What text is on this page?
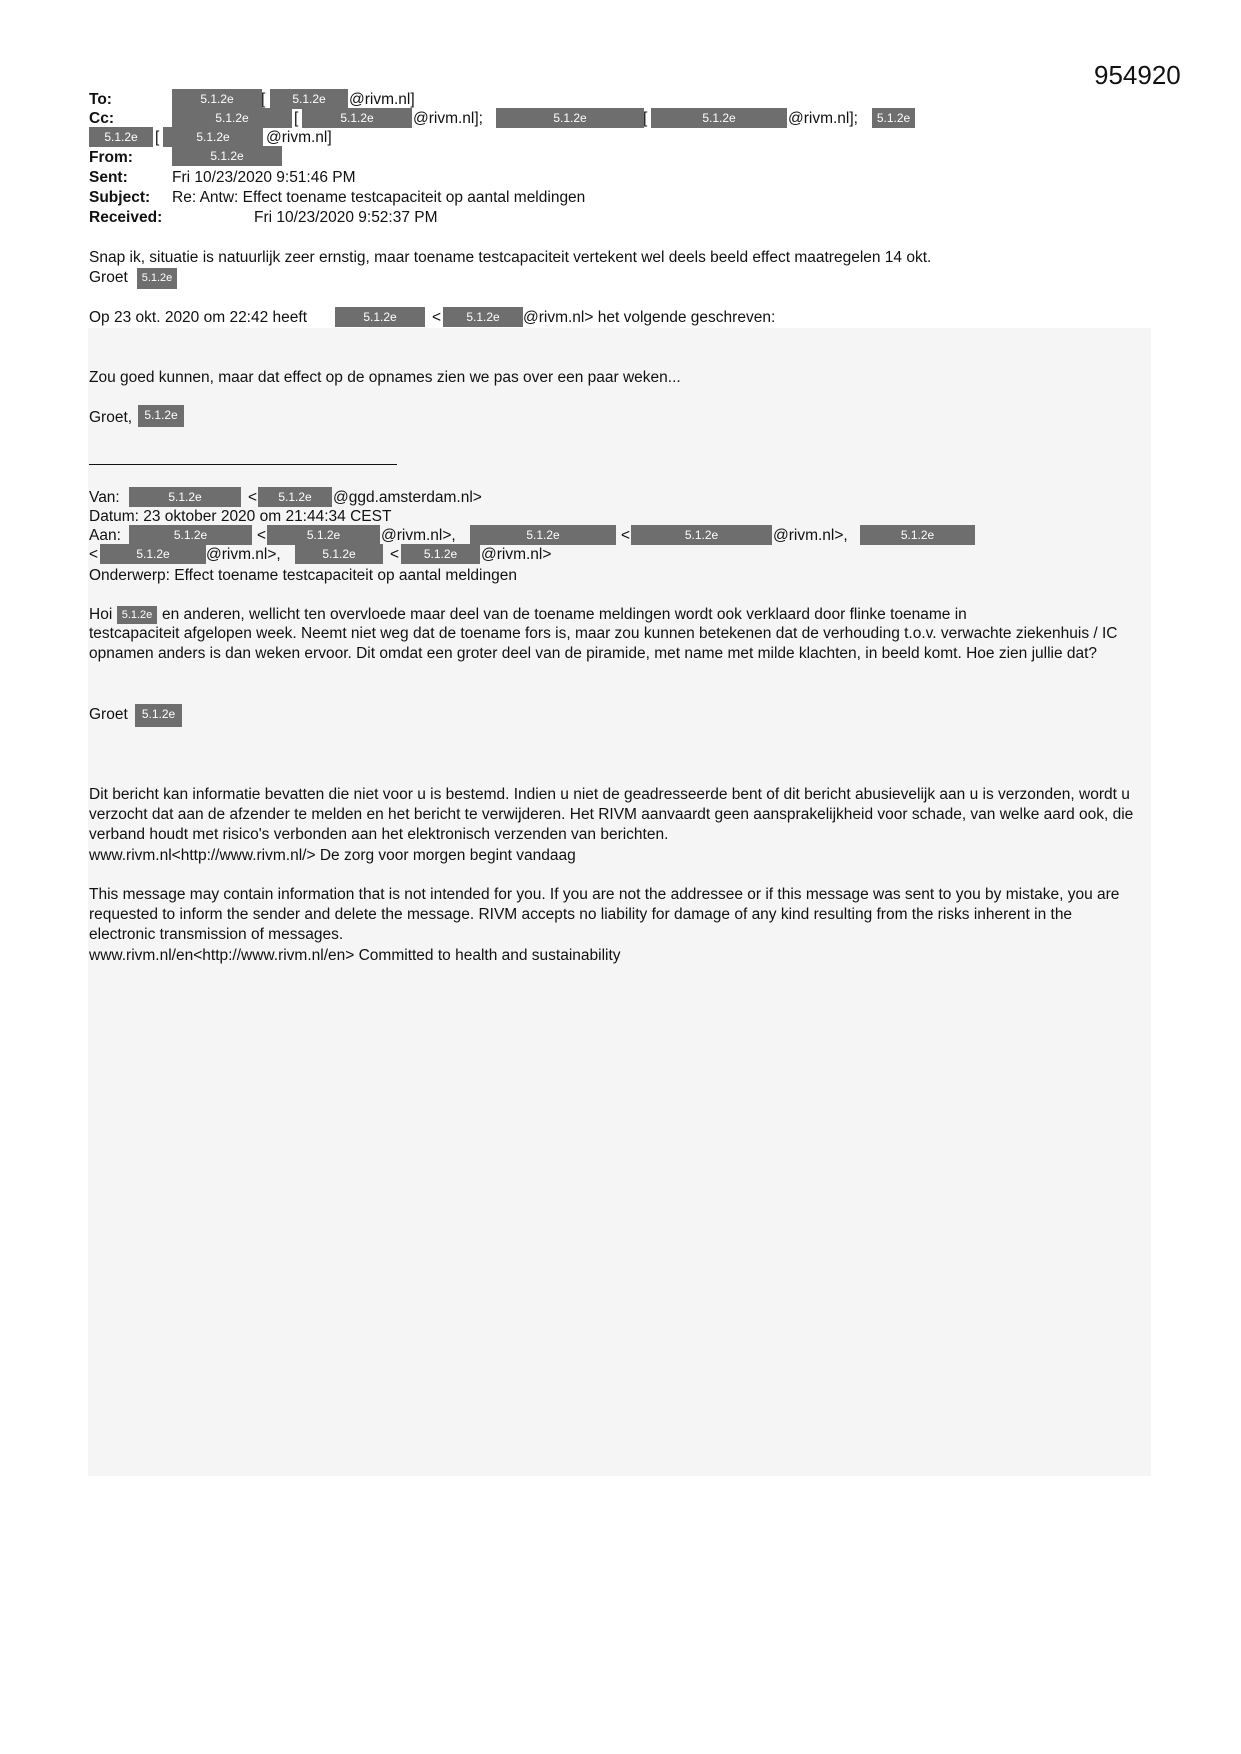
954920
To:	5.1.2e	[	5.1.2e	@rivm.nl]
Cc:	5.1.2e	[	5.1.2e	@rivm.nl];	5.1.2e	[	5.1.2e	@rivm.nl];	5.1.2e
5.1.2e	[	5.1.2e	@rivm.nl]
From:	5.1.2e
Sent:	Fri 10/23/2020 9:51:46 PM
Subject: Re: Antw: Effect toename testcapaciteit op aantal meldingen
Received:	Fri 10/23/2020 9:52:37 PM
Snap ik, situatie is natuurlijk zeer ernstig, maar toename testcapaciteit vertekent wel deels beeld effect maatregelen 14 okt.
Groet	5.1.2e
Op 23 okt. 2020 om 22:42 heeft	5.1.2e	<	5.1.2e	@rivm.nl> het volgende geschreven:
Zou goed kunnen, maar dat effect op de opnames zien we pas over een paar weken...
Groet,	5.1.2e
Van:	5.1.2e	<	5.1.2e	@ggd.amsterdam.nl>
Datum: 23 oktober 2020 om 21:44:34 CEST
Aan:	5.1.2e	<	5.1.2e	@rivm.nl>,	5.1.2e	<	5.1.2e	@rivm.nl>,	5.1.2e
<	5.1.2e	@rivm.nl>,	5.1.2e	<	5.1.2e	@rivm.nl>
Onderwerp: Effect toename testcapaciteit op aantal meldingen
Hoi 5.1.2e en anderen, wellicht ten overvloede maar deel van de toename meldingen wordt ook verklaard door flinke toename in
testcapaciteit afgelopen week. Neemt niet weg dat de toename fors is, maar zou kunnen betekenen dat de verhouding t.o.v. verwachte ziekenhuis / IC opnamen anders is dan weken ervoor. Dit omdat een groter deel van de piramide, met name met milde klachten, in beeld komt. Hoe zien jullie dat?
Groet	5.1.2e
Dit bericht kan informatie bevatten die niet voor u is bestemd. Indien u niet de geadresseerde bent of dit bericht abusievelijk aan u is verzonden, wordt u verzocht dat aan de afzender te melden en het bericht te verwijderen. Het RIVM aanvaardt geen aansprakelijkheid voor schade, van welke aard ook, die verband houdt met risico's verbonden aan het elektronisch verzenden van berichten.
www.rivm.nl<http://www.rivm.nl/> De zorg voor morgen begint vandaag
This message may contain information that is not intended for you. If you are not the addressee or if this message was sent to you by mistake, you are requested to inform the sender and delete the message. RIVM accepts no liability for damage of any kind resulting from the risks inherent in the electronic transmission of messages.
www.rivm.nl/en<http://www.rivm.nl/en> Committed to health and sustainability
